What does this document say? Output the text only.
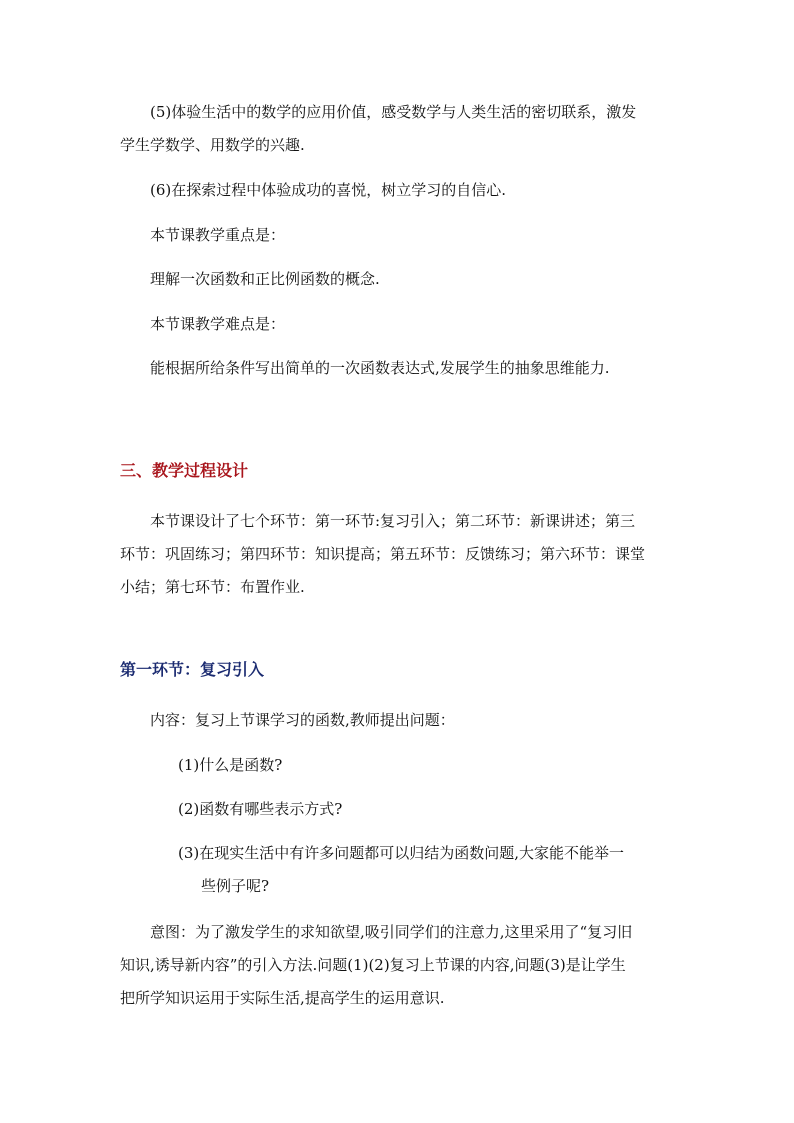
(5)体验生活中的数学的应用价值，感受数学与人类生活的密切联系，激发

学生学数学、用数学的兴趣.

(6)在探索过程中体验成功的喜悦，树立学习的自信心.

本节课教学重点是：

理解一次函数和正比例函数的概念.

本节课教学难点是：

能根据所给条件写出简单的一次函数表达式,发展学生的抽象思维能力.

三、教学过程设计

本节课设计了七个环节：第一环节:复习引入；第二环节：新课讲述；第三

环节：巩固练习；第四环节：知识提高；第五环节：反馈练习；第六环节：课堂

小结；第七环节：布置作业.

第一环节：复习引入

内容：复习上节课学习的函数,教师提出问题：

(1)什么是函数?

(2)函数有哪些表示方式?

(3)在现实生活中有许多问题都可以归结为函数问题,大家能不能举一

些例子呢?

意图：为了激发学生的求知欲望,吸引同学们的注意力,这里采用了“复习旧

知识,诱导新内容”的引入方法.问题(1)(2)复习上节课的内容,问题(3)是让学生

把所学知识运用于实际生活,提高学生的运用意识.
